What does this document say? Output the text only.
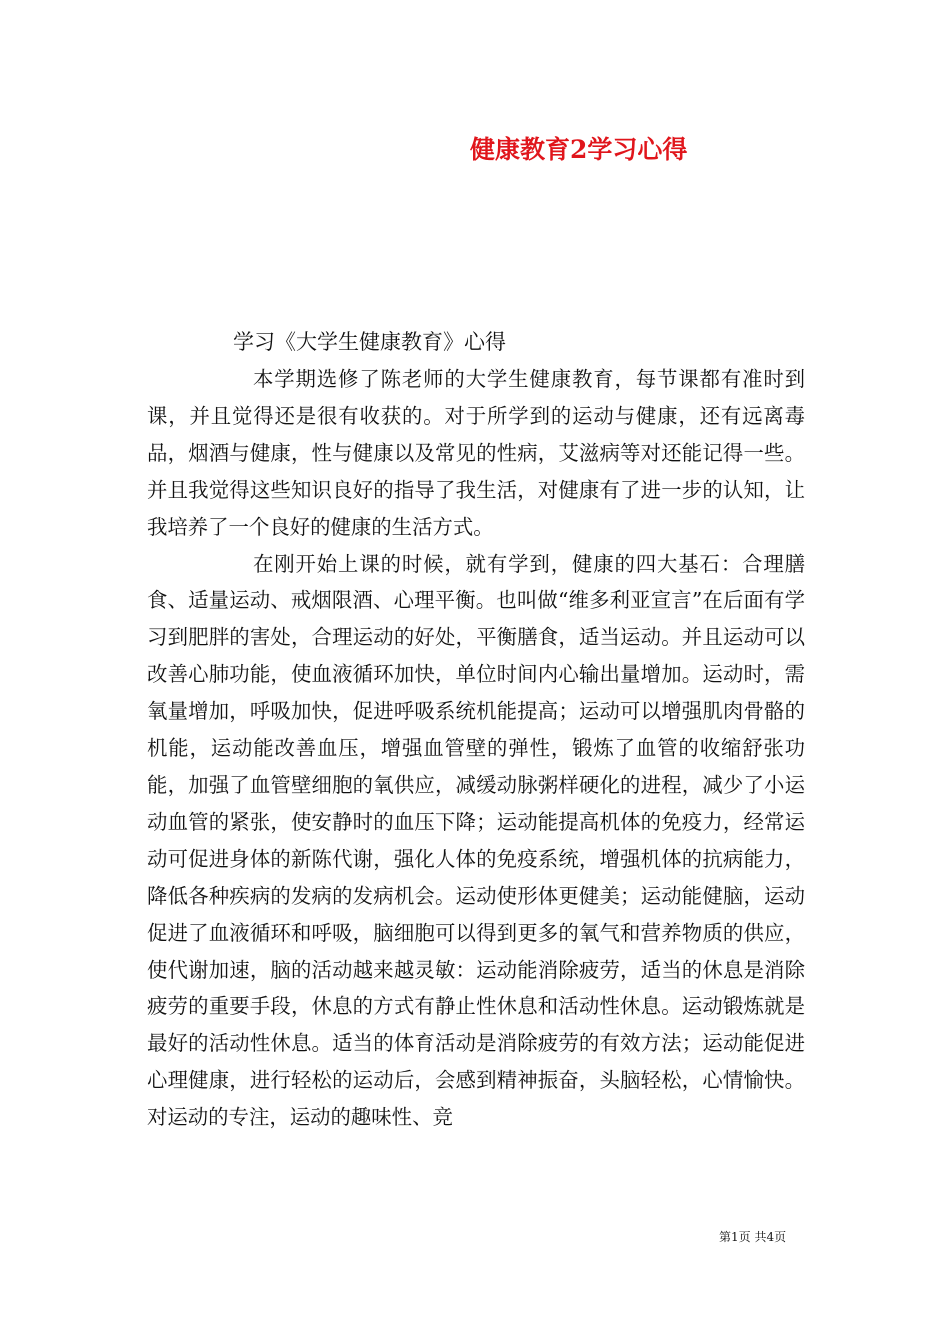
健康教育2学习心得

学习《大学生健康教育》心得

本学期选修了陈老师的大学生健康教育，每节课都有准时到课，并且觉得还是很有收获的。对于所学到的运动与健康，还有远离毒品，烟酒与健康，性与健康以及常见的性病，艾滋病等对还能记得一些。并且我觉得这些知识良好的指导了我生活，对健康有了进一步的认知，让我培养了一个良好的健康的生活方式。

在刚开始上课的时候，就有学到，健康的四大基石：合理膳食、适量运动、戒烟限酒、心理平衡。也叫做“维多利亚宣言”在后面有学习到肥胖的害处，合理运动的好处，平衡膳食，适当运动。并且运动可以改善心肺功能，使血液循环加快，单位时间内心输出量增加。运动时，需氧量增加，呼吸加快，促进呼吸系统机能提高；运动可以增强肌肉骨骼的机能，运动能改善血压，增强血管壁的弹性，锻炼了血管的收缩舒张功能，加强了血管壁细胞的氧供应，减缓动脉粥样硬化的进程，减少了小运动血管的紧张，使安静时的血压下降；运动能提高机体的免疫力，经常运动可促进身体的新陈代谢，强化人体的免疫系统，增强机体的抗病能力，降低各种疾病的发病的发病机会。运动使形体更健美；运动能健脑，运动促进了血液循环和呼吸，脑细胞可以得到更多的氧气和营养物质的供应，使代谢加速，脑的活动越来越灵敏：运动能消除疲劳，适当的休息是消除疲劳的重要手段，休息的方式有静止性休息和活动性休息。运动锻炼就是最好的活动性休息。适当的体育活动是消除疲劳的有效方法；运动能促进心理健康，进行轻松的运动后，会感到精神振奋，头脑轻松，心情愉快。对运动的专注，运动的趣味性、竞

第1页 共4页
